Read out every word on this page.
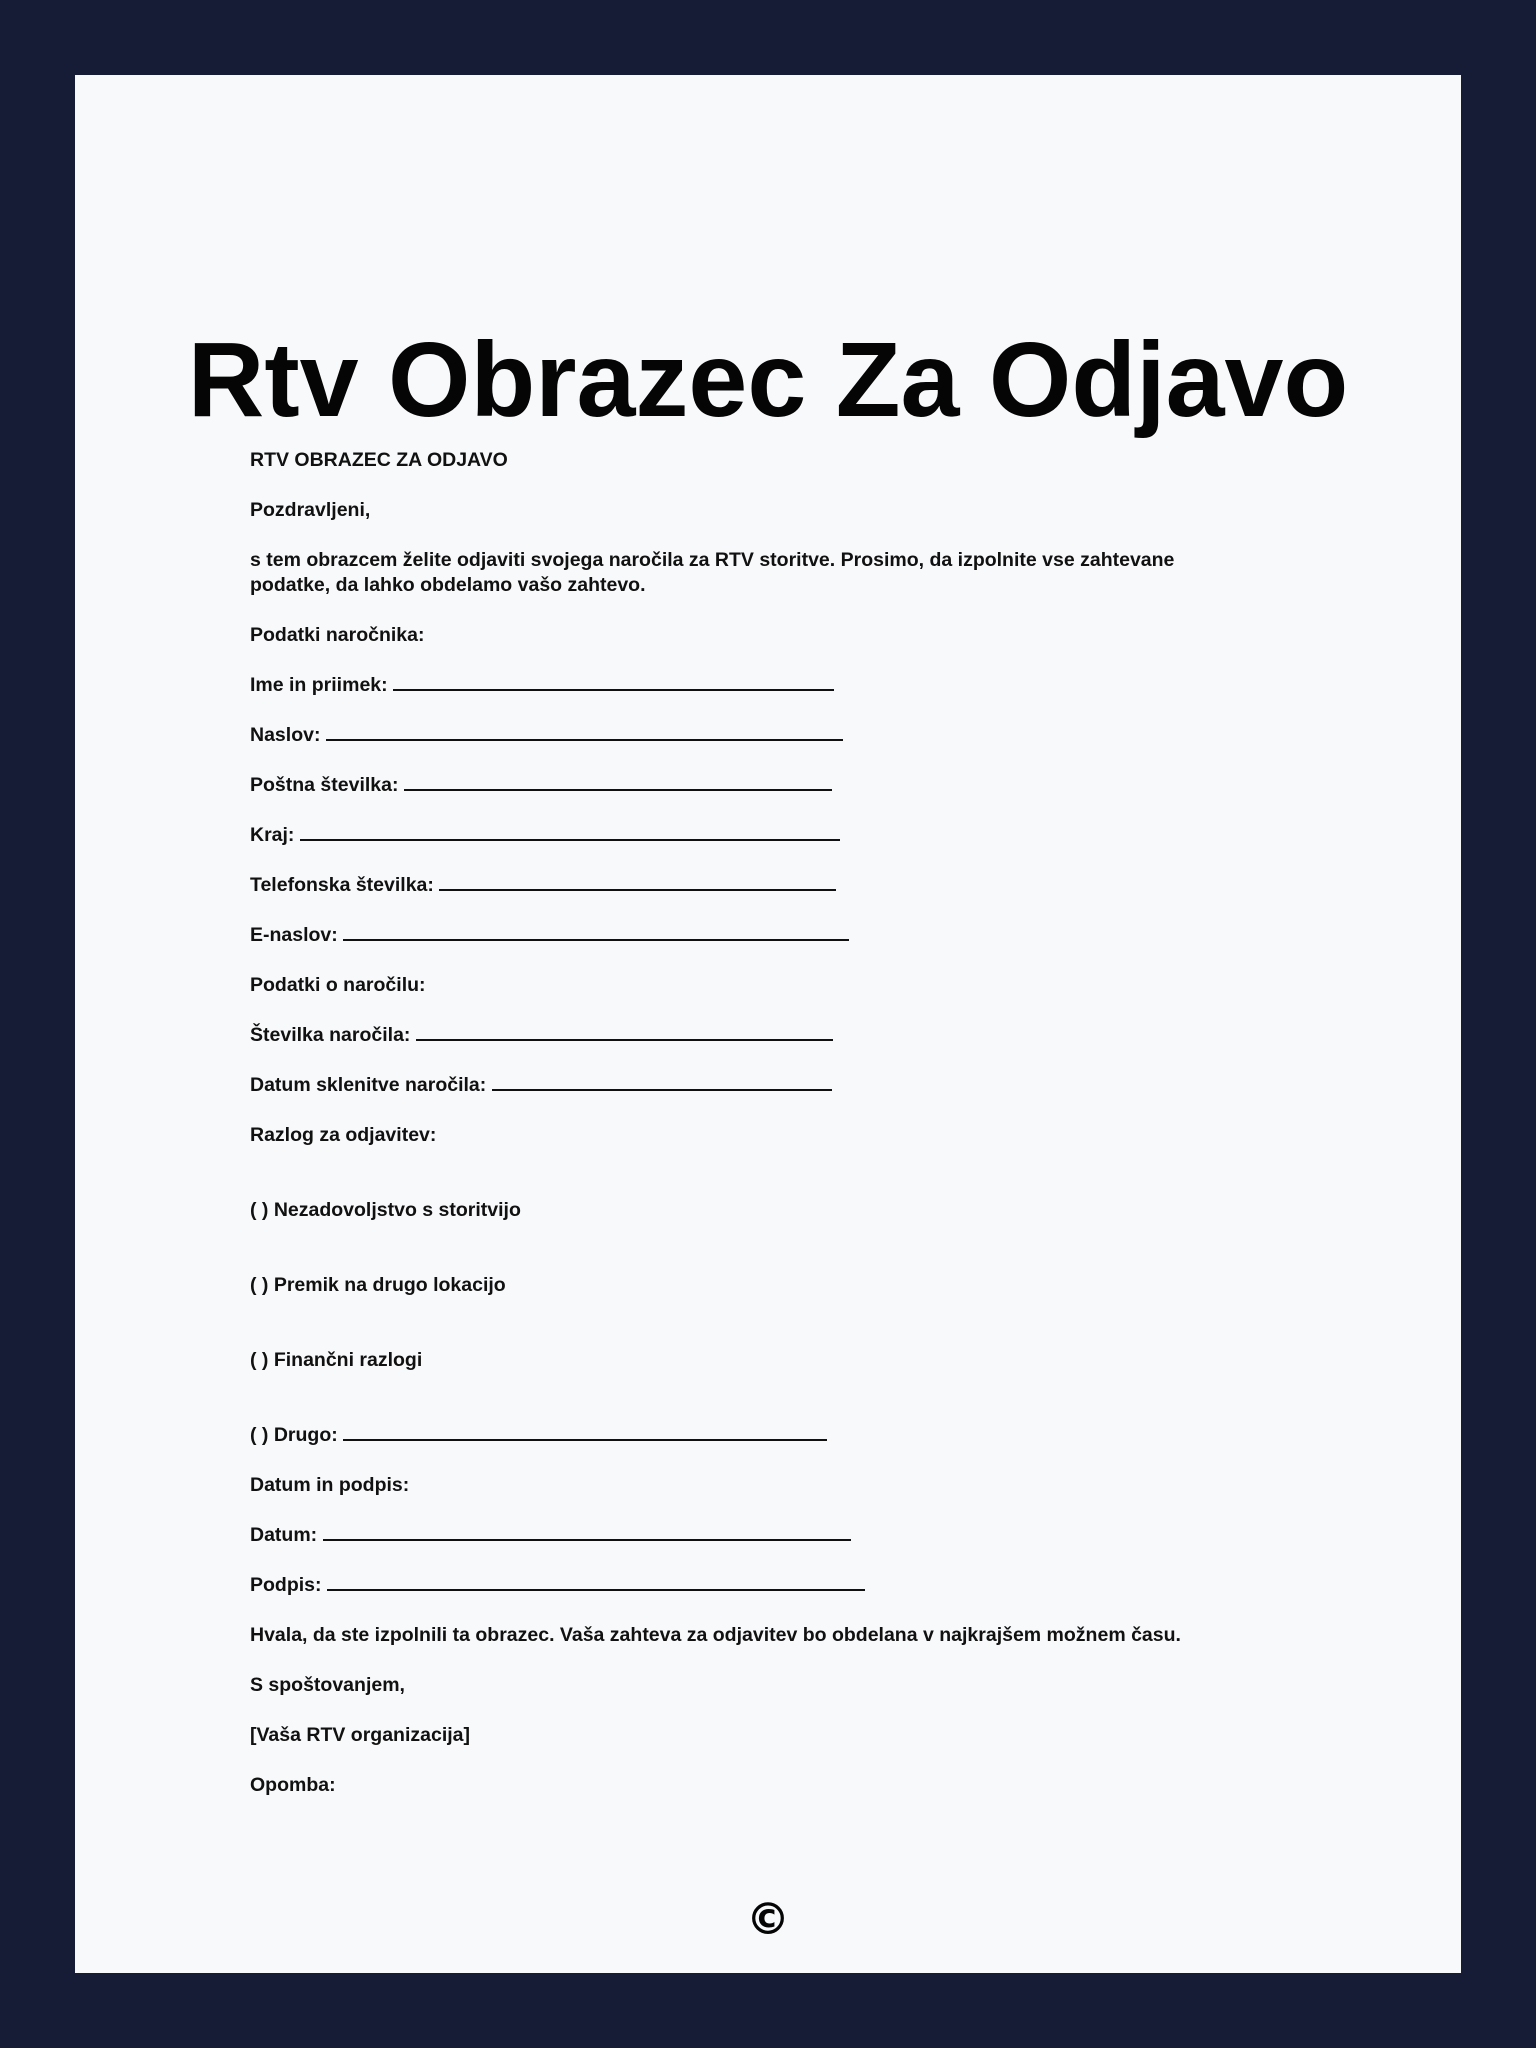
Rtv Obrazec Za Odjavo

RTV OBRAZEC ZA ODJAVO

Pozdravljeni,

s tem obrazcem želite odjaviti svojega naročila za RTV storitve. Prosimo, da izpolnite vse zahtevane podatke, da lahko obdelamo vašo zahtevo.

Podatki naročnika:

Ime in priimek:

Naslov:

Poštna številka:

Kraj:

Telefonska številka:

E-naslov:

Podatki o naročilu:

Številka naročila:

Datum sklenitve naročila:

Razlog za odjavitev:

( ) Nezadovoljstvo s storitvijo

( ) Premik na drugo lokacijo

( ) Finančni razlogi

( ) Drugo:

Datum in podpis:

Datum:

Podpis:

Hvala, da ste izpolnili ta obrazec. Vaša zahteva za odjavitev bo obdelana v najkrajšem možnem času.

S spoštovanjem,

[Vaša RTV organizacija]

Opomba:

©
